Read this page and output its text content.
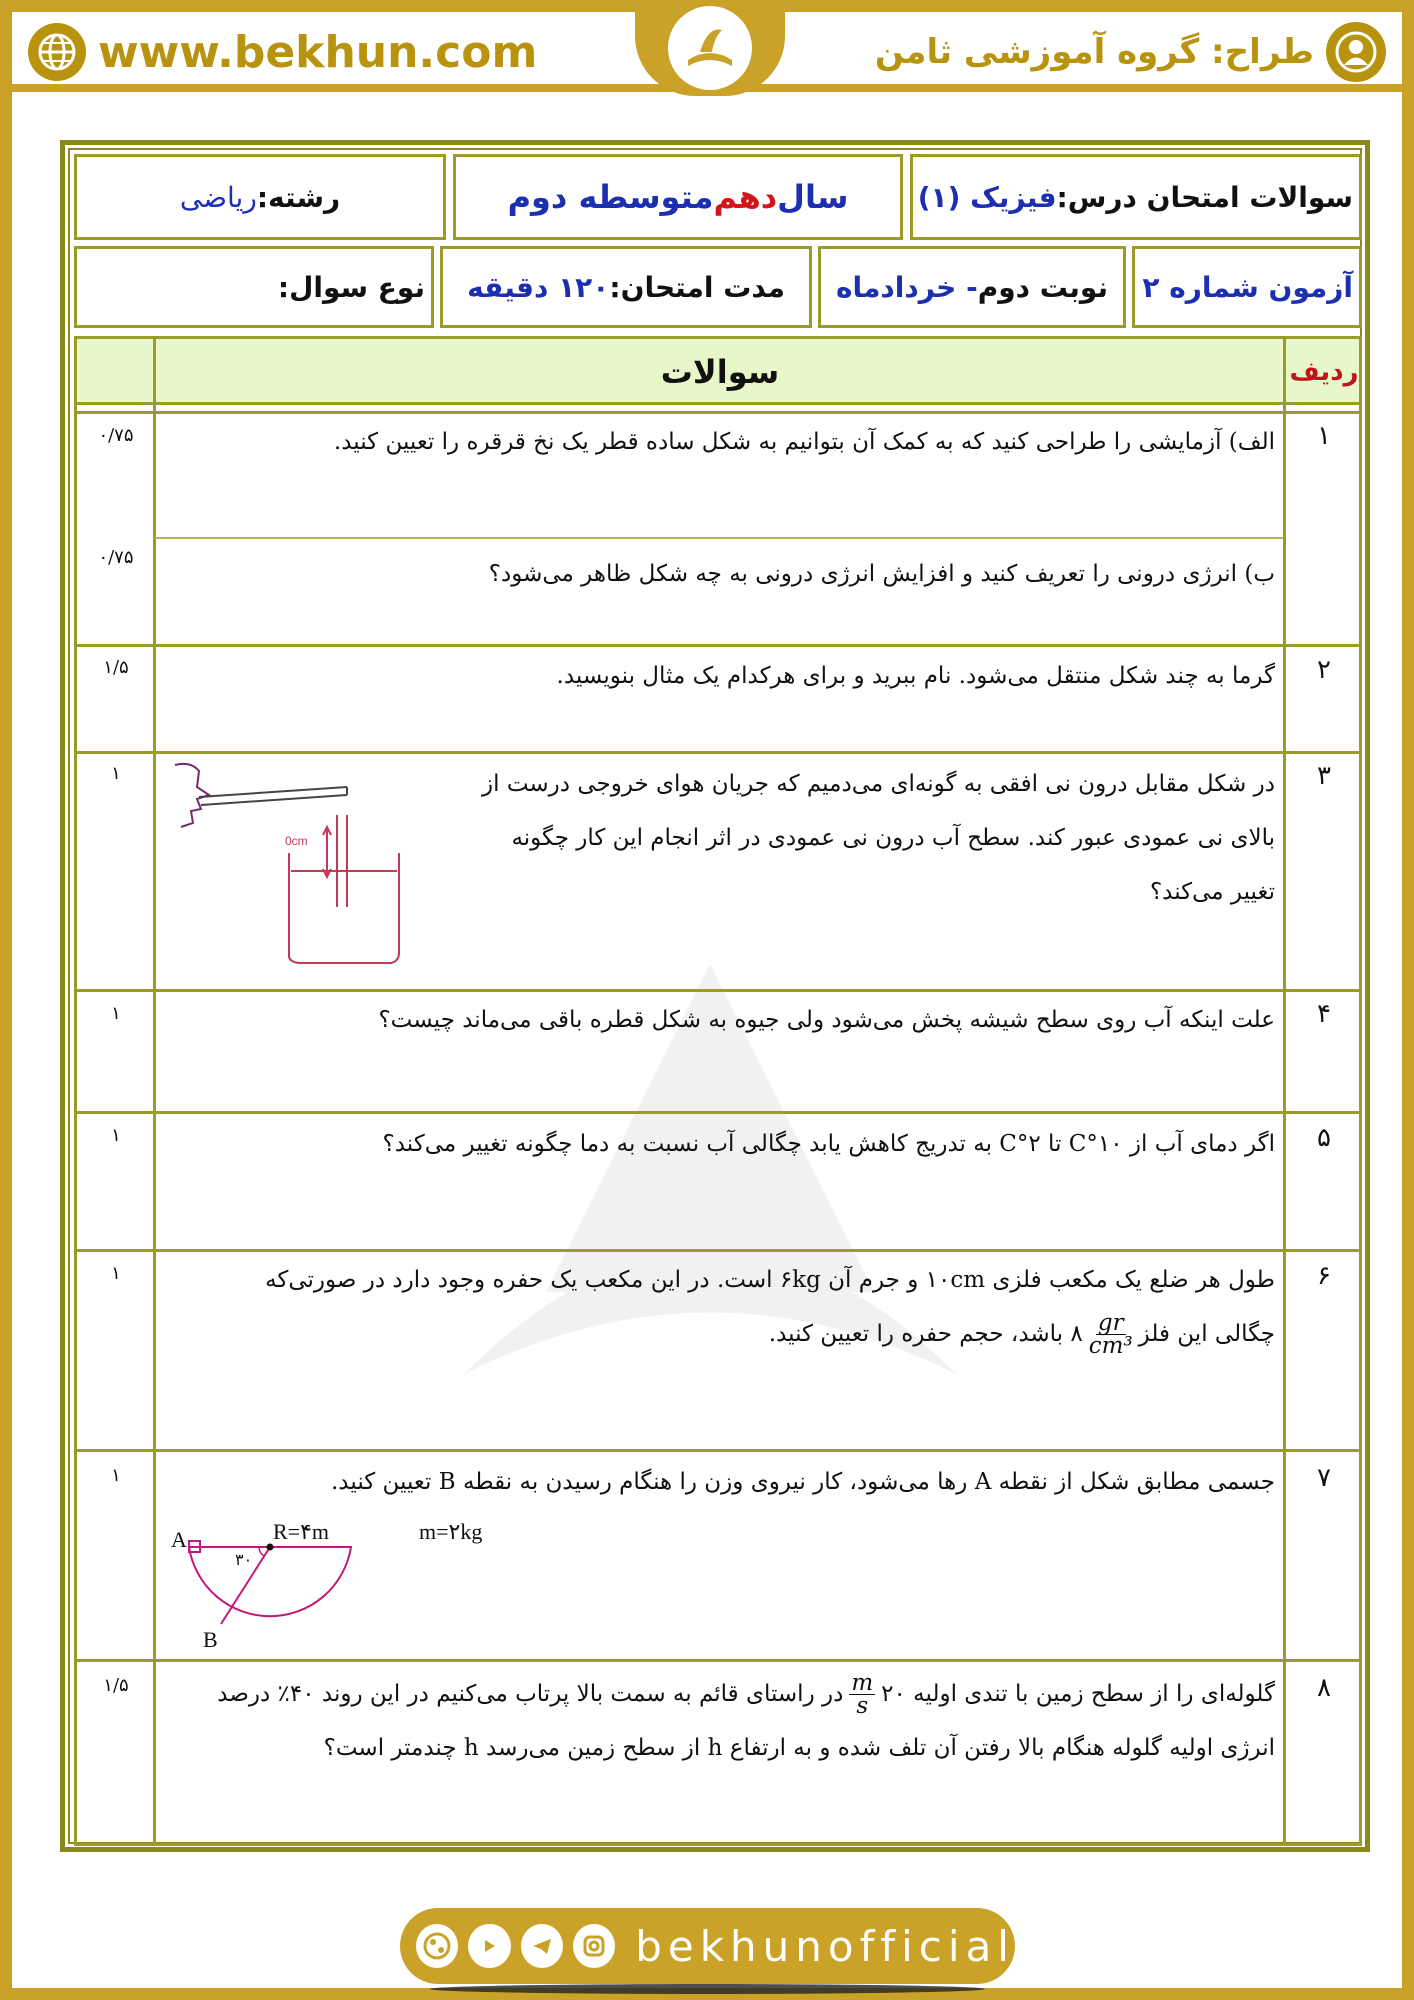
www.bekhun.com	طراح: گروه آموزشی ثامن
سوالات امتحان درس:
فیزیک (۱)
سال
دهم
متوسطه دوم
رشته:
ریاضی
آزمون شماره ۲
نوبت دوم
- خردادماه
مدت امتحان:
۱۲۰ دقیقه
نوع سوال:
ردیف
سوالات
۱
۰/۷۵	الف) آزمایشی را طراحی کنید که به کمک آن بتوانیم به شکل ساده قطر یک نخ قرقره را تعیین کنید.
۰/۷۵
ب) انرژی درونی را تعریف کنید و افزایش انرژی درونی به چه شکل ظاهر می‌شود؟
۲
۱/۵	گرما به چند شکل منتقل می‌شود. نام ببرید و برای هرکدام یک مثال بنویسید.
۳
۱	در شکل مقابل درون نی افقی به گونه‌ای می‌دمیم که جریان هوای خروجی درست از بالای نی عمودی عبور کند. سطح آب درون نی عمودی در اثر انجام این کار چگونه تغییر می‌کند؟
0cm
۴
۱	علت اینکه آب روی سطح شیشه پخش می‌شود ولی جیوه به شکل قطره باقی می‌ماند چیست؟
۵
۱	اگر دمای آب از ۱۰°C تا ۲°C به تدریج کاهش یابد چگالی آب نسبت به دما چگونه تغییر می‌کند؟
۶
۱	طول هر ضلع یک مکعب فلزی ۱۰cm و جرم آن ۶kg است. در این مکعب یک حفره وجود دارد در صورتی‌که
چگالی این فلز
$\frac{gr}{\text{cm³}}$
۸ باشد، حجم حفره را تعیین کنید.
۷
۱	جسمی مطابق شکل از نقطه A رها می‌شود، کار نیروی وزن را هنگام رسیدن به نقطه B تعیین کنید.
A
B
R=۴m
۳۰
m=۲kg
۸
۱/۵	گلوله‌ای را از سطح زمین با تندی اولیه ۲۰
$\frac{m}{s}$
در راستای قائم به سمت بالا پرتاب می‌کنیم در این روند ۴۰٪ درصد
انرژی اولیه گلوله هنگام بالا رفتن آن تلف شده و به ارتفاع h از سطح زمین می‌رسد h چندمتر است؟
bekhunofficial
